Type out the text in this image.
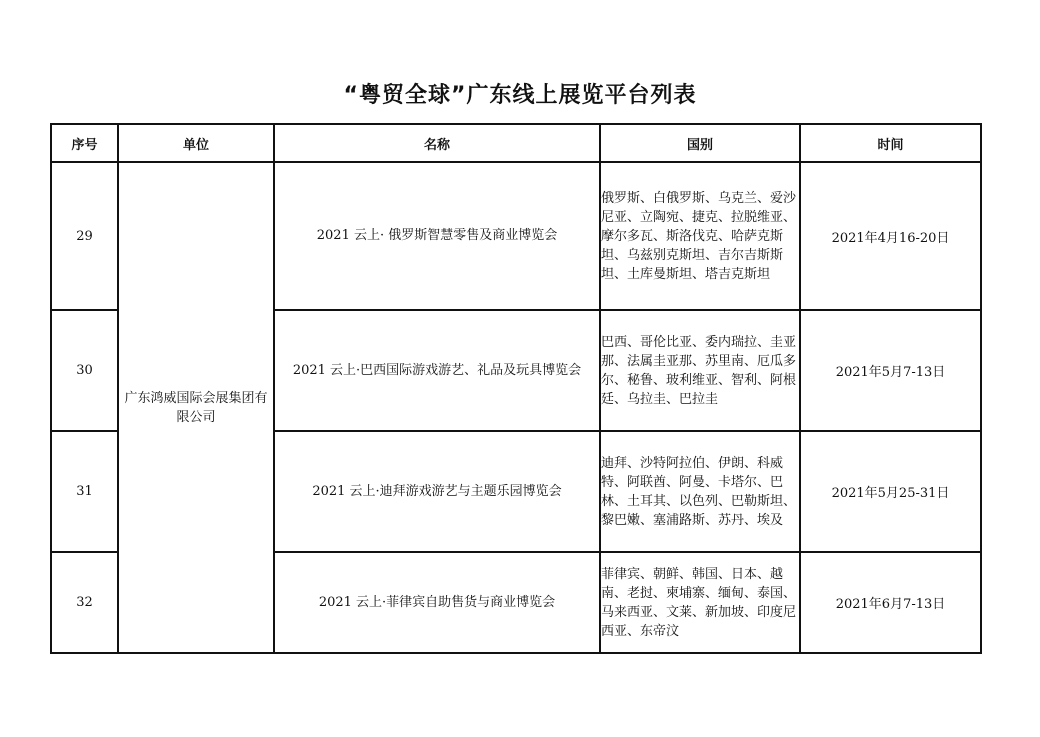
“粤贸全球”广东线上展览平台列表
序号	单位	名称	国别	时间
29	广东鸿威国际会展集团有限公司	2021 云上· 俄罗斯智慧零售及商业博览会	俄罗斯、白俄罗斯、乌克兰、爱沙尼亚、立陶宛、捷克、拉脱维亚、摩尔多瓦、斯洛伐克、哈萨克斯坦、乌兹别克斯坦、吉尔吉斯斯坦、土库曼斯坦、塔吉克斯坦	2021年4月16-20日
30		2021 云上·巴西国际游戏游艺、礼品及玩具博览会	巴西、哥伦比亚、委内瑞拉、圭亚那、法属圭亚那、苏里南、厄瓜多尔、秘鲁、玻利维亚、智利、阿根廷、乌拉圭、巴拉圭	2021年5月7-13日
31		2021 云上·迪拜游戏游艺与主题乐园博览会	迪拜、沙特阿拉伯、伊朗、科威特、阿联酋、阿曼、卡塔尔、巴林、土耳其、以色列、巴勒斯坦、黎巴嫩、塞浦路斯、苏丹、埃及	2021年5月25-31日
32		2021 云上·菲律宾自助售货与商业博览会	菲律宾、朝鲜、韩国、日本、越南、老挝、柬埔寨、缅甸、泰国、马来西亚、文莱、新加坡、印度尼西亚、东帝汶	2021年6月7-13日
